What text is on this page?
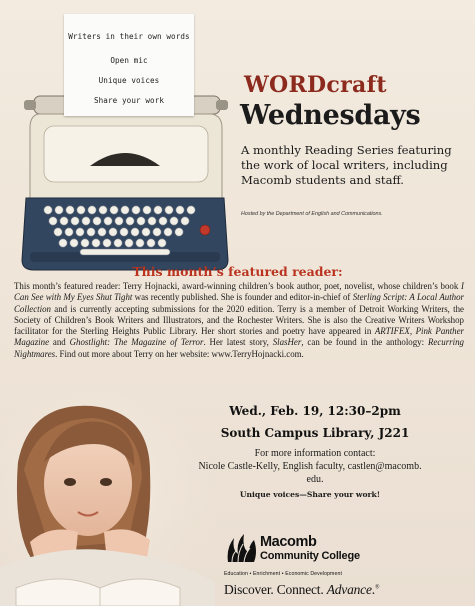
Writers in their own words
Open mic
Unique voices
Share your work
WORDcraft
Wednesdays
A monthly Reading Series featuring the work of local writers, including Macomb students and staff.
Hosted by the Department of English and Communications.
This month’s featured reader:
This month’s featured reader: Terry Hojnacki, award-winning children’s book author, poet, novelist, whose children’s book I Can See with My Eyes Shut Tight was recently published. She is founder and editor-in-chief of Sterling Script: A Local Author Collection and is currently accepting submissions for the 2020 edition. Terry is a member of Detroit Working Writers, the Society of Children’s Book Writers and Illustrators, and the Rochester Writers. She is also the Creative Writers Workshop facilitator for the Sterling Heights Public Library. Her short stories and poetry have appeared in ARTIFEX, Pink Panther Magazine and Ghostlight: The Magazine of Terror. Her latest story, SlasHer, can be found in the anthology: Recurring Nightmares. Find out more about Terry on her website: www.TerryHojnacki.com.
Wed., Feb. 19, 12:30–2pm
South Campus Library, J221
For more information contact:
Nicole Castle-Kelly, English faculty, castlen@macomb.
edu.
Unique voices—Share your work!
Macomb
Community College
Education • Enrichment • Economic Development
Discover. Connect. Advance.®
